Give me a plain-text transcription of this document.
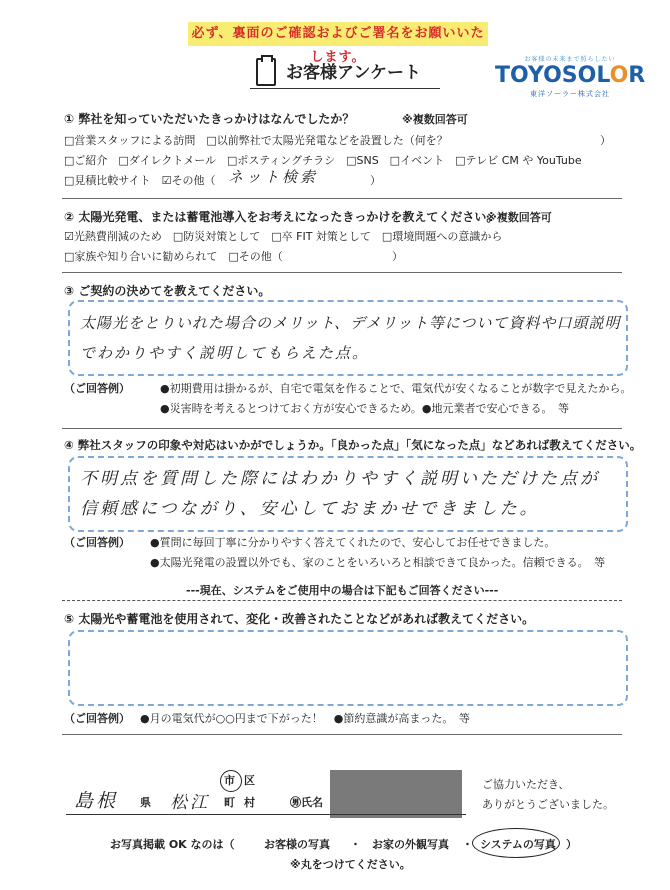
必ず、裏面のご確認およびご署名をお願いいたします。
お客様アンケート
お客様の未来まで照らしたい
TOYOSOLOR
東洋ソーラー株式会社
① 弊社を知っていただいたきっかけはなんでしたか？	※複数回答可
□営業スタッフによる訪問　□以前弊社で太陽光発電などを設置した（何を？	）
□ご紹介　□ダイレクトメール　□ポスティングチラシ　□SNS　□イベント　□テレビ CM や YouTube
□見積比較サイト　☑その他（ ネット検索	）
② 太陽光発電、または蓄電池導入をお考えになったきっかけを教えてください。
※複数回答可
☑光熱費削減のため　□防災対策として　□卒 FIT 対策として　□環境問題への意識から
□家族や知り合いに勧められて　□その他（	）
③ ご契約の決めてを教えてください。
太陽光をとりいれた場合のメリット、デメリット等について資料や口頭説明
でわかりやすく説明してもらえた点。
（ご回答例）	●初期費用は掛かるが、自宅で電気を作ることで、電気代が安くなることが数字で見えたから。
●災害時を考えるとつけておく方が安心できるため。●地元業者で安心できる。　等
④ 弊社スタッフの印象や対応はいかがでしょうか。「良かった点」「気になった点」などあれば教えてください。
不明点を質問した際にはわかりやすく説明いただけた点が
信頼感につながり、安心しておまかせできました。
（ご回答例） ●質問に毎回丁寧に分かりやすく答えてくれたので、安心してお任せできました。
●太陽光発電の設置以外でも、家のことをいろいろと相談できて良かった。信頼できる。　等
---現在、システムをご使用中の場合は下記もご回答ください---
⑤ 太陽光や蓄電池を使用されて、変化・改善されたことなどがあれば教えてください。
（ご回答例） ●月の電気代が○○円まで下がった！　●節約意識が高まった。　等
島根 県 松江
市 区
町 村	㊚氏名
ご協力いただき、
ありがとうございました。
お写真掲載 OK なのは（	お客様の写真 ・ お家の外観写真 ・ システムの写真 ）
※丸をつけてください。
